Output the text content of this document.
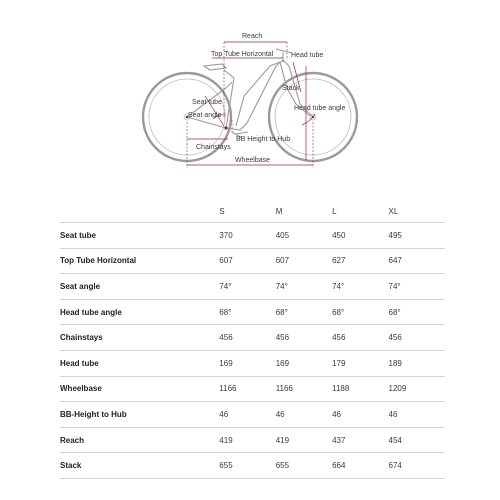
Reach
Top Tube Horizontal	Head tube
Stack
Seat tube
Seat angle
Head tube angle
BB Height to Hub
Chainstays
Wheelbase
	S	M	L	XL
Seat tube	370	405	450	495
Top Tube Horizontal	607	607	627	647
Seat angle	74°	74°	74°	74°
Head tube angle	68°	68°	68°	68°
Chainstays	456	456	456	456
Head tube	169	169	179	189
Wheelbase	1166	1166	1188	1209
BB-Height to Hub	46	46	46	46
Reach	419	419	437	454
Stack	655	655	664	674
